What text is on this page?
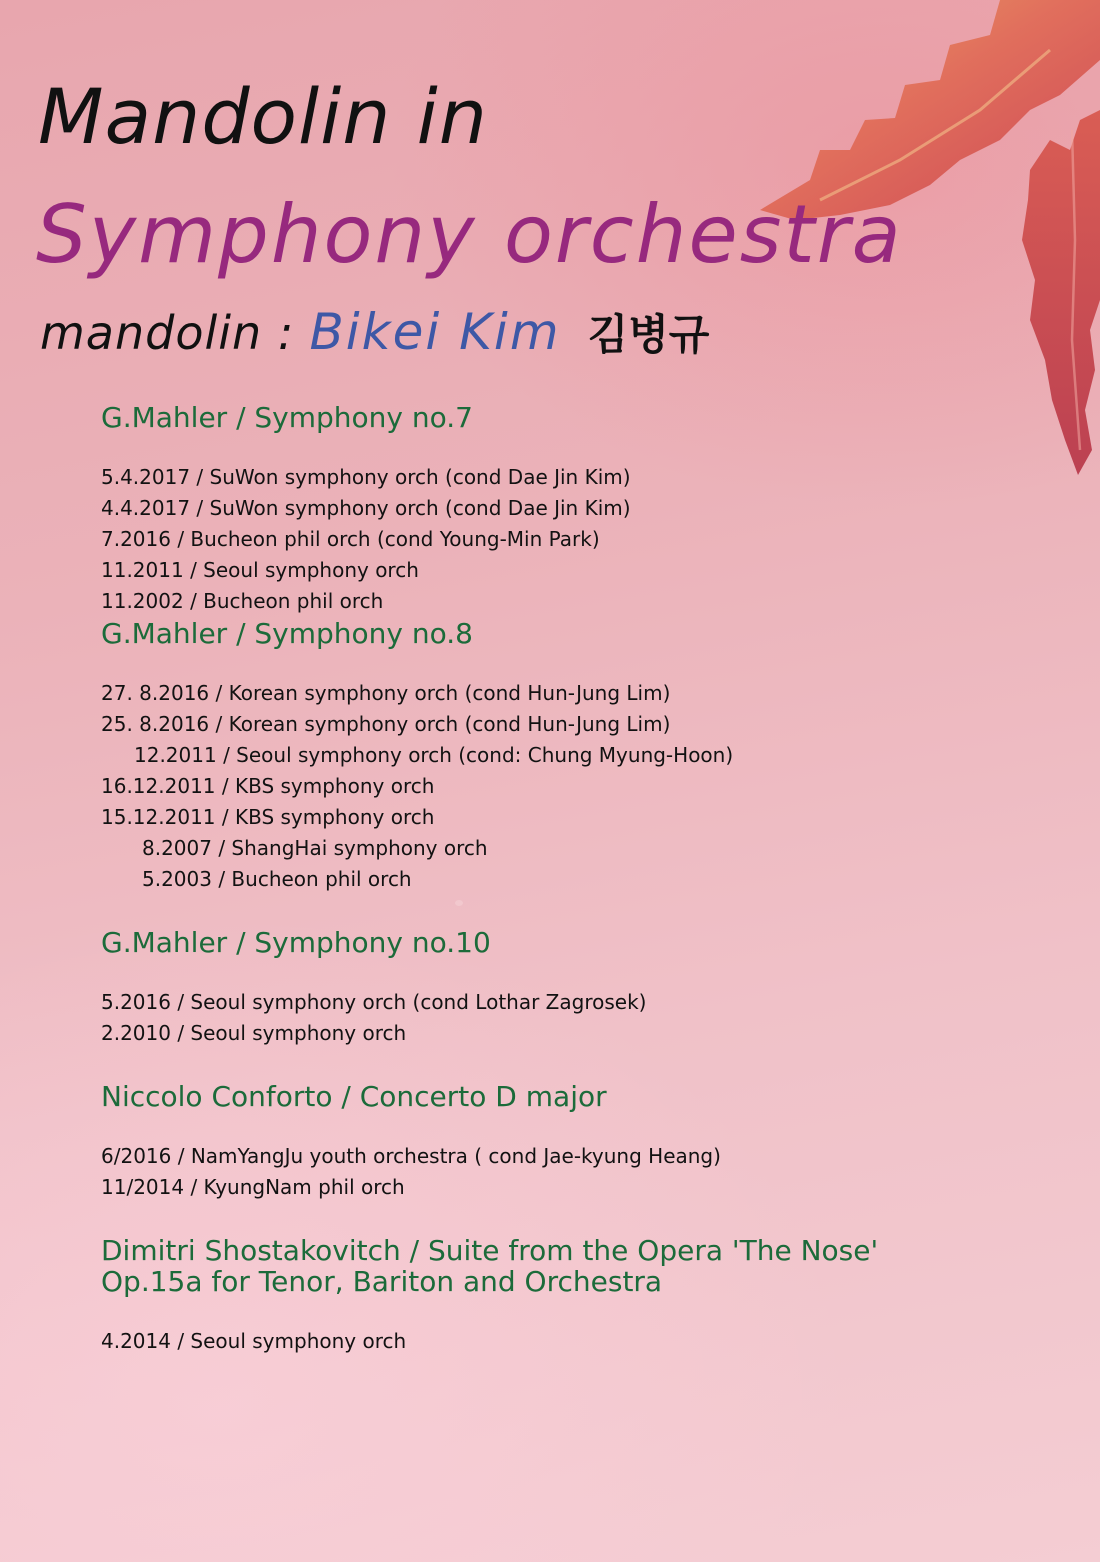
Mandolin in
Symphony orchestra
mandolin : Bikei Kim 김병규
G.Mahler / Symphony no.7
5.4.2017 / SuWon symphony orch (cond Dae Jin Kim)
4.4.2017 / SuWon symphony orch (cond Dae Jin Kim)
7.2016 / Bucheon phil orch (cond Young-Min Park)
11.2011 / Seoul symphony orch
11.2002 / Bucheon phil orch
G.Mahler / Symphony no.8
27. 8.2016 / Korean symphony orch (cond Hun-Jung Lim)
25. 8.2016 / Korean symphony orch (cond Hun-Jung Lim)
12.2011 / Seoul symphony orch (cond: Chung Myung-Hoon)
16.12.2011 / KBS symphony orch
15.12.2011 / KBS symphony orch
8.2007 / ShangHai symphony orch
5.2003 / Bucheon phil orch
G.Mahler / Symphony no.10
5.2016 / Seoul symphony orch (cond Lothar Zagrosek)
2.2010 / Seoul symphony orch
Niccolo Conforto / Concerto D major
6/2016 / NamYangJu youth orchestra ( cond Jae-kyung Heang)
11/2014 / KyungNam phil orch
Dimitri Shostakovitch / Suite from the Opera 'The Nose'
Op.15a for Tenor, Bariton and Orchestra
4.2014 / Seoul symphony orch
